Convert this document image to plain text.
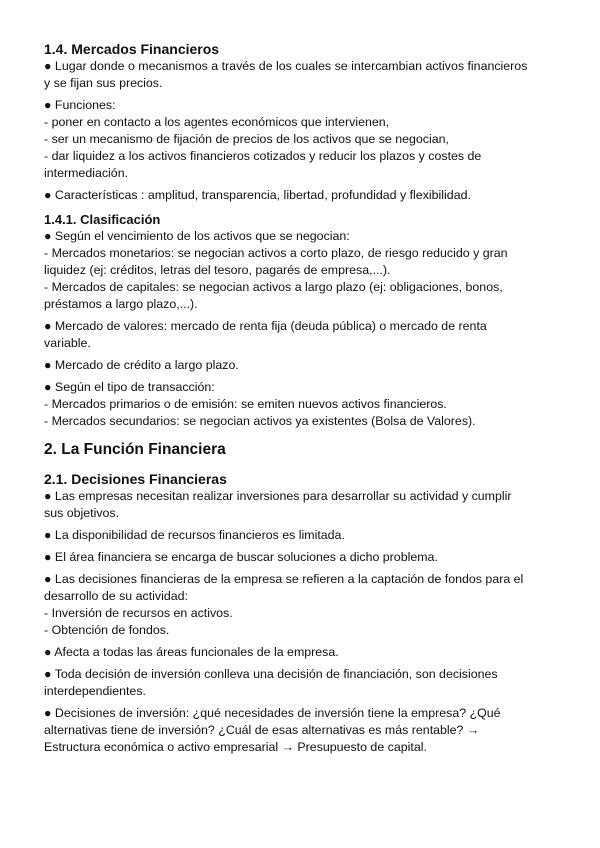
1.4. Mercados Financieros
● Lugar donde o mecanismos a través de los cuales se intercambian activos financieros
y se fijan sus precios.
● Funciones:
- poner en contacto a los agentes económicos que intervienen,
- ser un mecanismo de fijación de precios de los activos que se negocian,
- dar liquidez a los activos financieros cotizados y reducir los plazos y costes de
intermediación.
● Características : amplitud, transparencia, libertad, profundidad y flexibilidad.
1.4.1. Clasificación
● Según el vencimiento de los activos que se negocian:
- Mercados monetarios: se negocian activos a corto plazo, de riesgo reducido y gran
liquidez (ej: créditos, letras del tesoro, pagarés de empresa,...).
- Mercados de capitales: se negocian activos a largo plazo (ej: obligaciones, bonos,
préstamos a largo plazo,...).
● Mercado de valores: mercado de renta fija (deuda pública) o mercado de renta
variable.
● Mercado de crédito a largo plazo.
● Según el tipo de transacción:
- Mercados primarios o de emisión: se emiten nuevos activos financieros.
- Mercados secundarios: se negocian activos ya existentes (Bolsa de Valores).
2. La Función Financiera
2.1. Decisiones Financieras
● Las empresas necesitan realizar inversiones para desarrollar su actividad y cumplir
sus objetivos.
● La disponibilidad de recursos financieros es limitada.
● El área financiera se encarga de buscar soluciones a dicho problema.
● Las decisiones financieras de la empresa se refieren a la captación de fondos para el
desarrollo de su actividad:
- Inversión de recursos en activos.
- Obtención de fondos.
● Afecta a todas las áreas funcionales de la empresa.
● Toda decisión de inversión conlleva una decisión de financiación, son decisiones
interdependientes.
● Decisiones de inversión: ¿qué necesidades de inversión tiene la empresa? ¿Qué
alternativas tiene de inversión? ¿Cuál de esas alternativas es más rentable? →
Estructura económica o activo empresarial → Presupuesto de capital.
